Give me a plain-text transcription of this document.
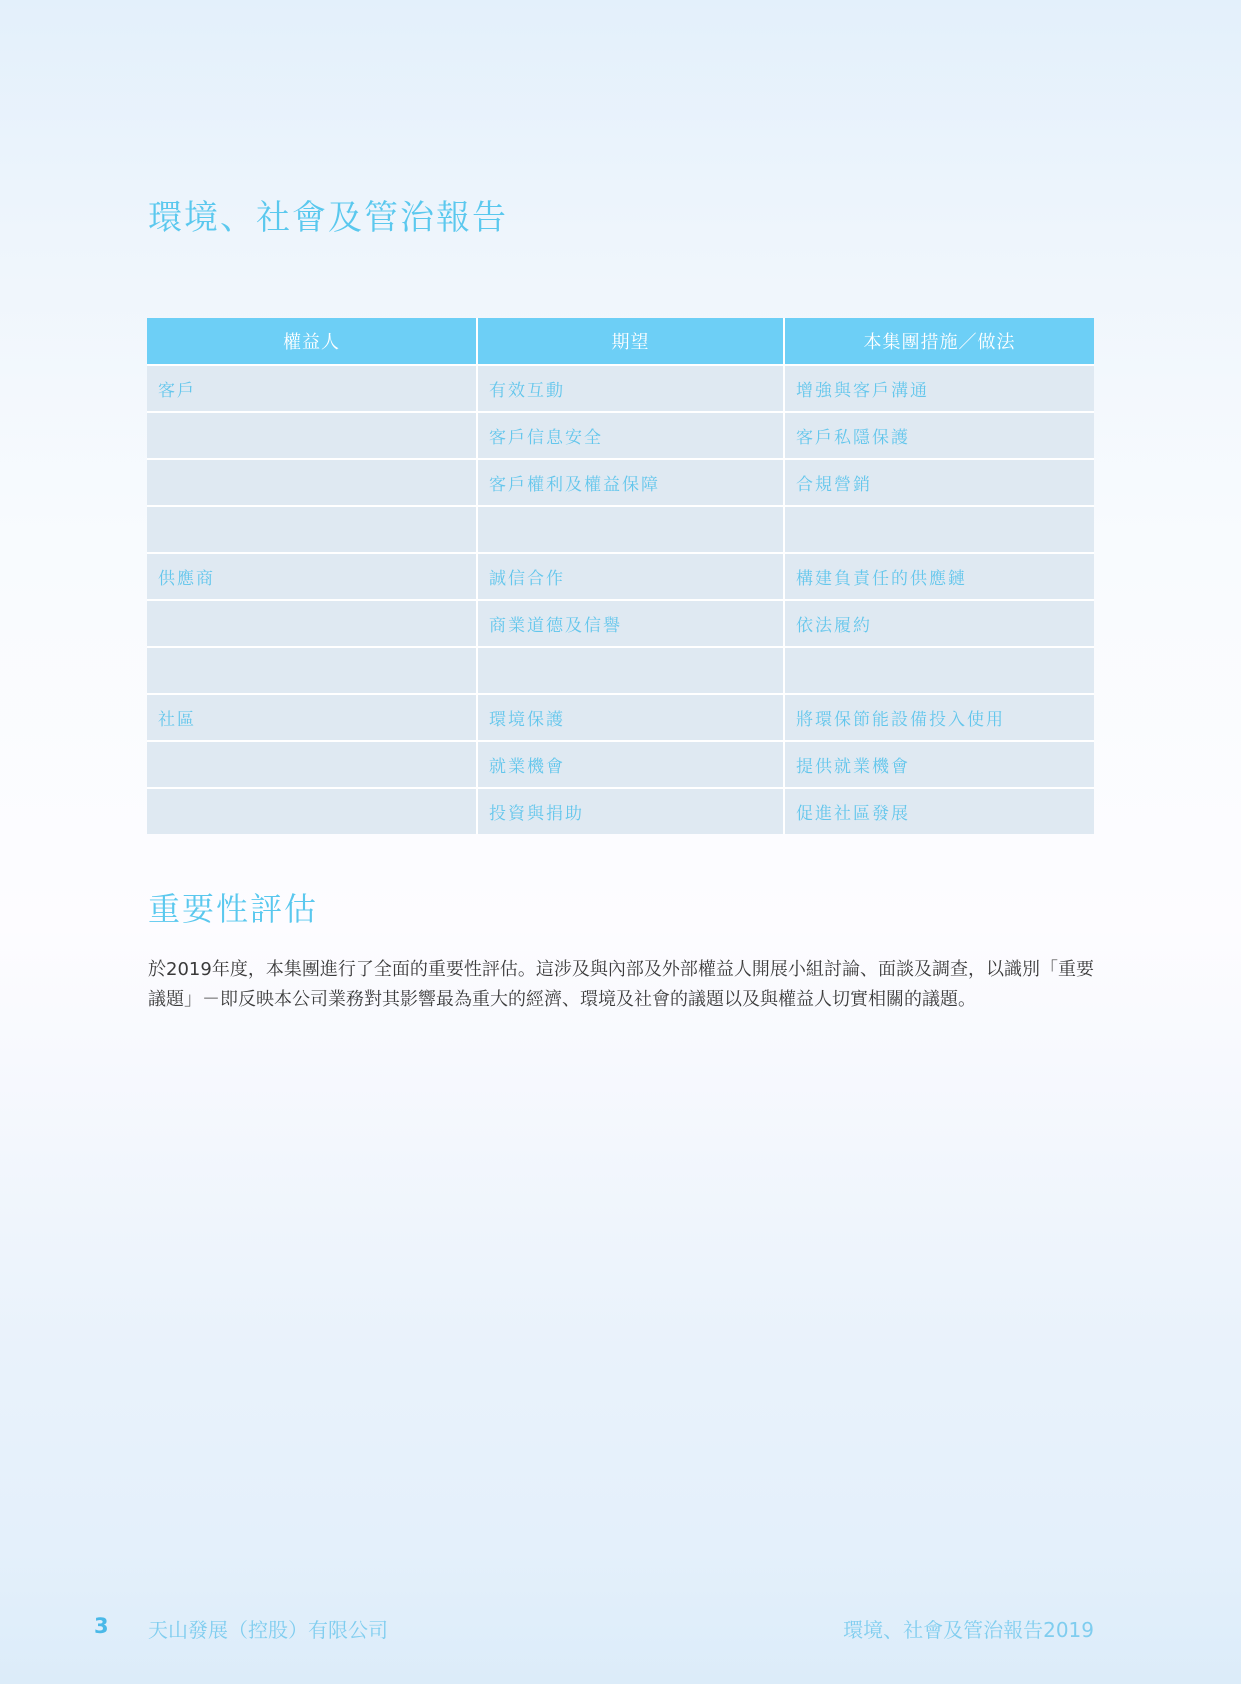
環境、社會及管治報告
權益人	期望	本集團措施／做法
客戶	有效互動	增強與客戶溝通
	客戶信息安全	客戶私隱保護
	客戶權利及權益保障	合規營銷

供應商	誠信合作	構建負責任的供應鏈
	商業道德及信譽	依法履約

社區	環境保護	將環保節能設備投入使用
	就業機會	提供就業機會
	投資與捐助	促進社區發展
重要性評估

於2019年度，本集團進行了全面的重要性評估。這涉及與內部及外部權益人開展小組討論、面談及調查，以識別「重要議題」－即反映本公司業務對其影響最為重大的經濟、環境及社會的議題以及與權益人切實相關的議題。

3 天山發展（控股）有限公司	環境、社會及管治報告2019
